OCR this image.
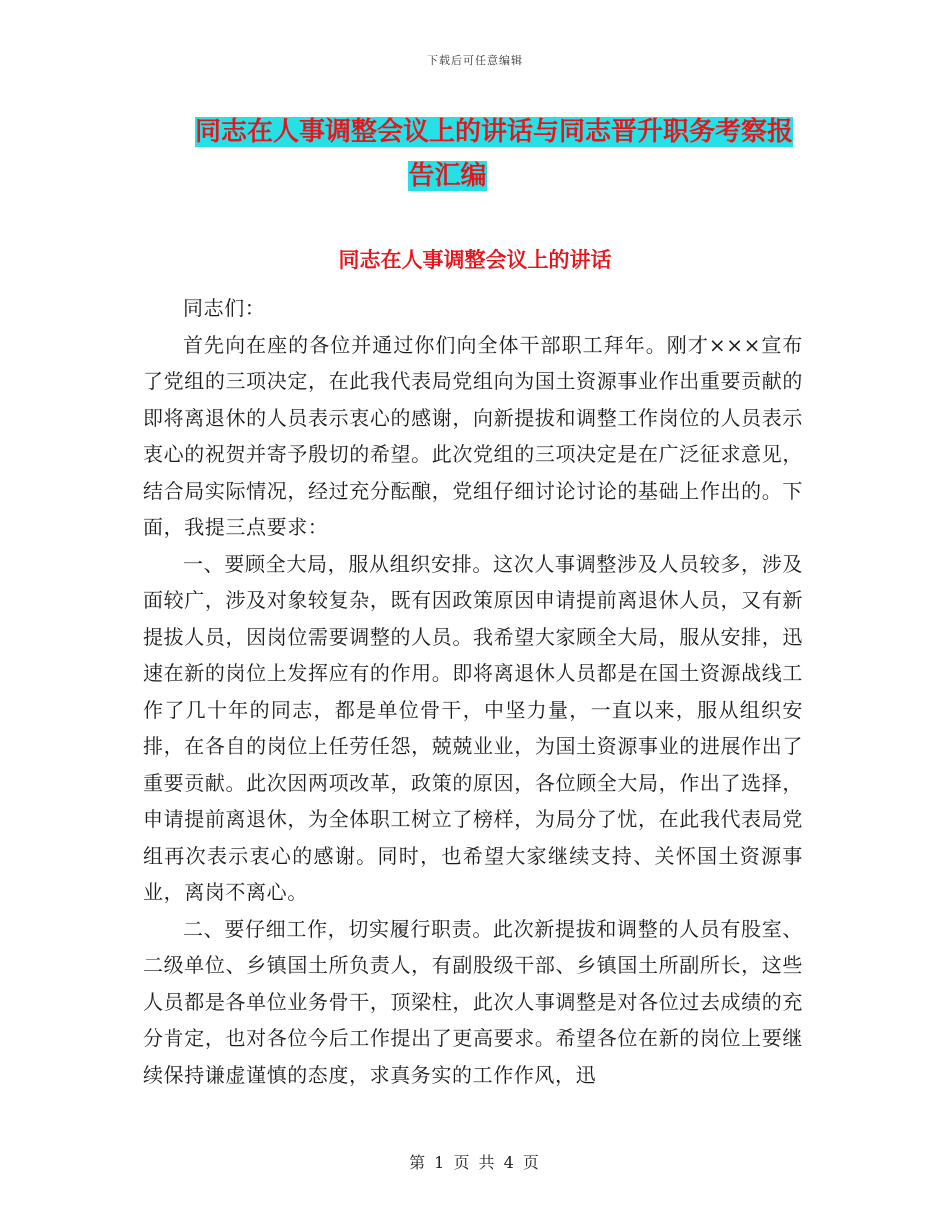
下载后可任意编辑
同志在人事调整会议上的讲话与同志晋升职务考察报
告汇编
同志在人事调整会议上的讲话

同志们：

首先向在座的各位并通过你们向全体干部职工拜年。刚才×××宣布了党组的三项决定，在此我代表局党组向为国土资源事业作出重要贡献的即将离退休的人员表示衷心的感谢，向新提拔和调整工作岗位的人员表示衷心的祝贺并寄予殷切的希望。此次党组的三项决定是在广泛征求意见，结合局实际情况，经过充分酝酿，党组仔细讨论讨论的基础上作出的。下面，我提三点要求：

一、要顾全大局，服从组织安排。这次人事调整涉及人员较多，涉及面较广，涉及对象较复杂，既有因政策原因申请提前离退休人员，又有新提拔人员，因岗位需要调整的人员。我希望大家顾全大局，服从安排，迅速在新的岗位上发挥应有的作用。即将离退休人员都是在国土资源战线工作了几十年的同志，都是单位骨干，中坚力量，一直以来，服从组织安排，在各自的岗位上任劳任怨，兢兢业业，为国土资源事业的进展作出了重要贡献。此次因两项改革，政策的原因，各位顾全大局，作出了选择，申请提前离退休，为全体职工树立了榜样，为局分了忧，在此我代表局党组再次表示衷心的感谢。同时，也希望大家继续支持、关怀国土资源事业，离岗不离心。

二、要仔细工作，切实履行职责。此次新提拔和调整的人员有股室、二级单位、乡镇国土所负责人，有副股级干部、乡镇国土所副所长，这些人员都是各单位业务骨干，顶梁柱，此次人事调整是对各位过去成绩的充分肯定，也对各位今后工作提出了更高要求。希望各位在新的岗位上要继续保持谦虚谨慎的态度，求真务实的工作作风，迅

第 1 页 共 4 页
